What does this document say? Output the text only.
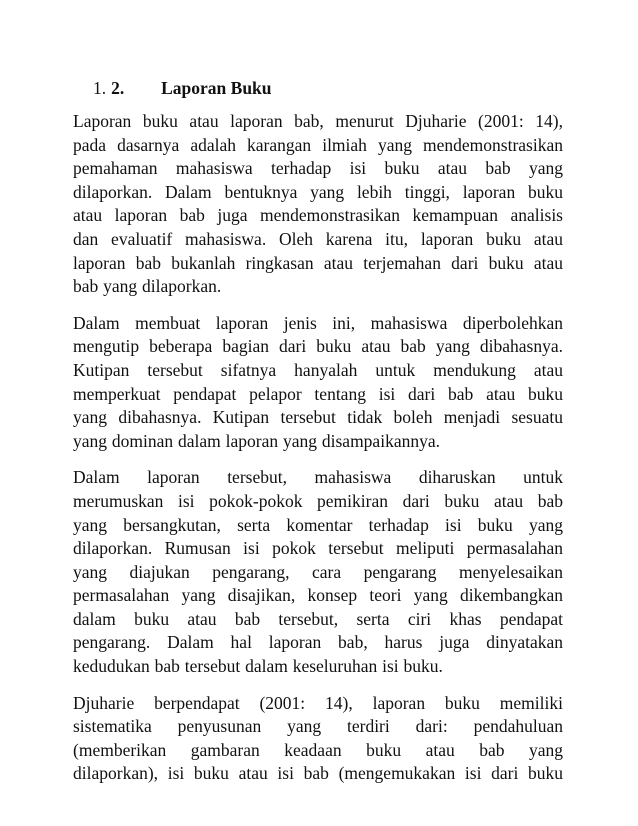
1. 2.	Laporan Buku
Laporan buku atau laporan bab, menurut Djuharie (2001: 14),
pada dasarnya adalah karangan ilmiah yang mendemonstrasikan
pemahaman mahasiswa terhadap isi buku atau bab yang
dilaporkan. Dalam bentuknya yang lebih tinggi, laporan buku
atau laporan bab juga mendemonstrasikan kemampuan analisis
dan evaluatif mahasiswa. Oleh karena itu, laporan buku atau
laporan bab bukanlah ringkasan atau terjemahan dari buku atau
bab yang dilaporkan.
Dalam membuat laporan jenis ini, mahasiswa diperbolehkan
mengutip beberapa bagian dari buku atau bab yang dibahasnya.
Kutipan tersebut sifatnya hanyalah untuk mendukung atau
memperkuat pendapat pelapor tentang isi dari bab atau buku
yang dibahasnya. Kutipan tersebut tidak boleh menjadi sesuatu
yang dominan dalam laporan yang disampaikannya.
Dalam laporan tersebut, mahasiswa diharuskan untuk
merumuskan isi pokok-pokok pemikiran dari buku atau bab
yang bersangkutan, serta komentar terhadap isi buku yang
dilaporkan. Rumusan isi pokok tersebut meliputi permasalahan
yang diajukan pengarang, cara pengarang menyelesaikan
permasalahan yang disajikan, konsep teori yang dikembangkan
dalam buku atau bab tersebut, serta ciri khas pendapat
pengarang. Dalam hal laporan bab, harus juga dinyatakan
kedudukan bab tersebut dalam keseluruhan isi buku.
Djuharie berpendapat (2001: 14), laporan buku memiliki
sistematika penyusunan yang terdiri dari: pendahuluan
(memberikan gambaran keadaan buku atau bab yang
dilaporkan), isi buku atau isi bab (mengemukakan isi dari buku
